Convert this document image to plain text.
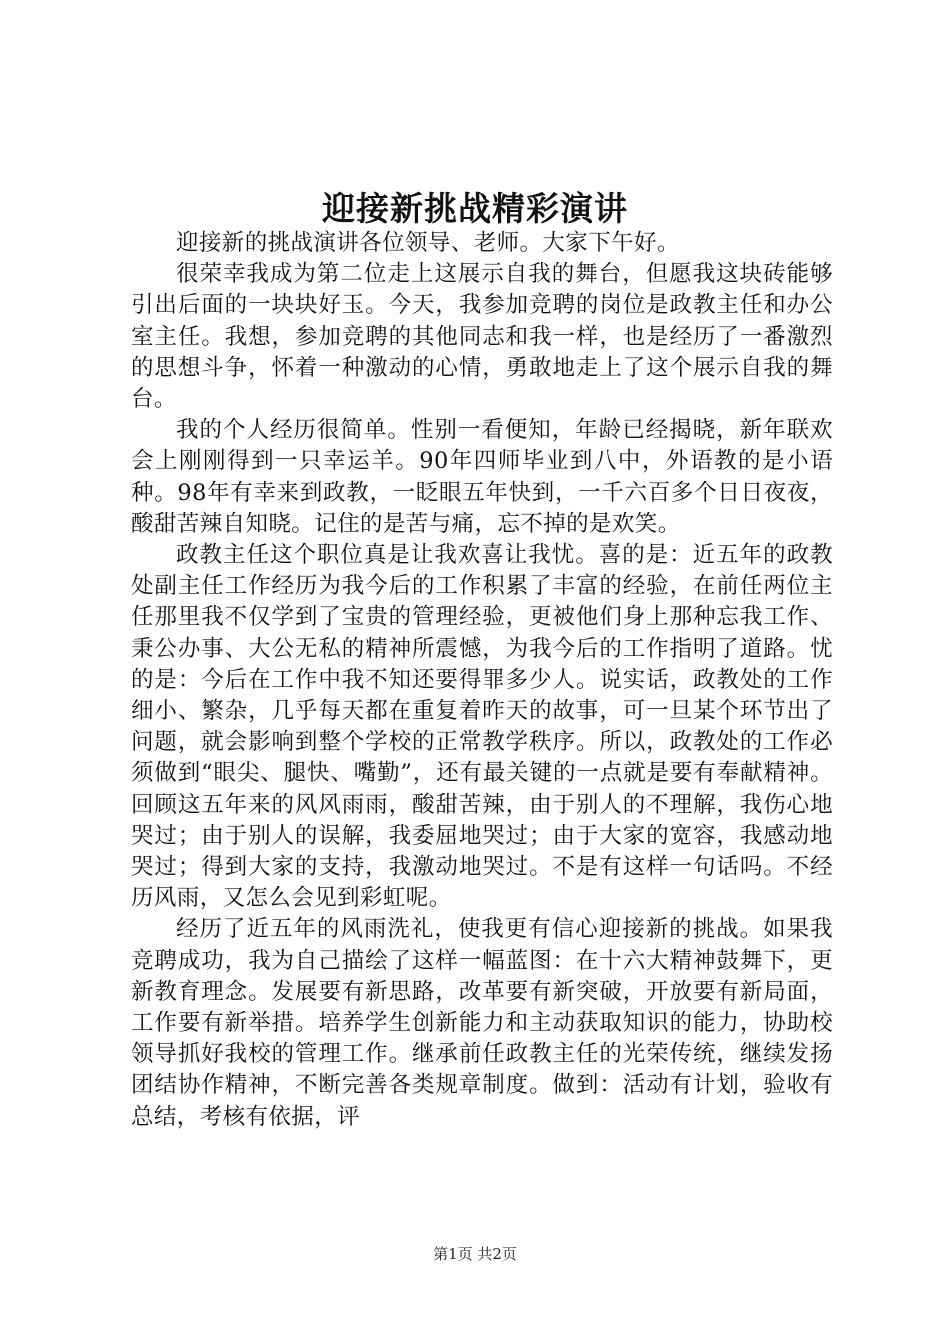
迎接新挑战精彩演讲

迎接新的挑战演讲各位领导、老师。大家下午好。

很荣幸我成为第二位走上这展示自我的舞台，但愿我这块砖能够引出后面的一块块好玉。今天，我参加竞聘的岗位是政教主任和办公室主任。我想，参加竞聘的其他同志和我一样，也是经历了一番激烈的思想斗争，怀着一种激动的心情，勇敢地走上了这个展示自我的舞台。

我的个人经历很简单。性别一看便知，年龄已经揭晓，新年联欢会上刚刚得到一只幸运羊。90年四师毕业到八中，外语教的是小语种。98年有幸来到政教，一眨眼五年快到，一千六百多个日日夜夜，酸甜苦辣自知晓。记住的是苦与痛，忘不掉的是欢笑。

政教主任这个职位真是让我欢喜让我忧。喜的是：近五年的政教处副主任工作经历为我今后的工作积累了丰富的经验，在前任两位主任那里我不仅学到了宝贵的管理经验，更被他们身上那种忘我工作、秉公办事、大公无私的精神所震憾，为我今后的工作指明了道路。忧的是：今后在工作中我不知还要得罪多少人。说实话，政教处的工作细小、繁杂，几乎每天都在重复着昨天的故事，可一旦某个环节出了问题，就会影响到整个学校的正常教学秩序。所以，政教处的工作必须做到“眼尖、腿快、嘴勤”，还有最关键的一点就是要有奉献精神。回顾这五年来的风风雨雨，酸甜苦辣，由于别人的不理解，我伤心地哭过；由于别人的误解，我委屈地哭过；由于大家的宽容，我感动地哭过；得到大家的支持，我激动地哭过。不是有这样一句话吗。不经历风雨，又怎么会见到彩虹呢。

经历了近五年的风雨洗礼，使我更有信心迎接新的挑战。如果我竞聘成功，我为自己描绘了这样一幅蓝图：在十六大精神鼓舞下，更新教育理念。发展要有新思路，改革要有新突破，开放要有新局面，工作要有新举措。培养学生创新能力和主动获取知识的能力，协助校领导抓好我校的管理工作。继承前任政教主任的光荣传统，继续发扬团结协作精神，不断完善各类规章制度。做到：活动有计划，验收有总结，考核有依据，评

第1页 共2页
